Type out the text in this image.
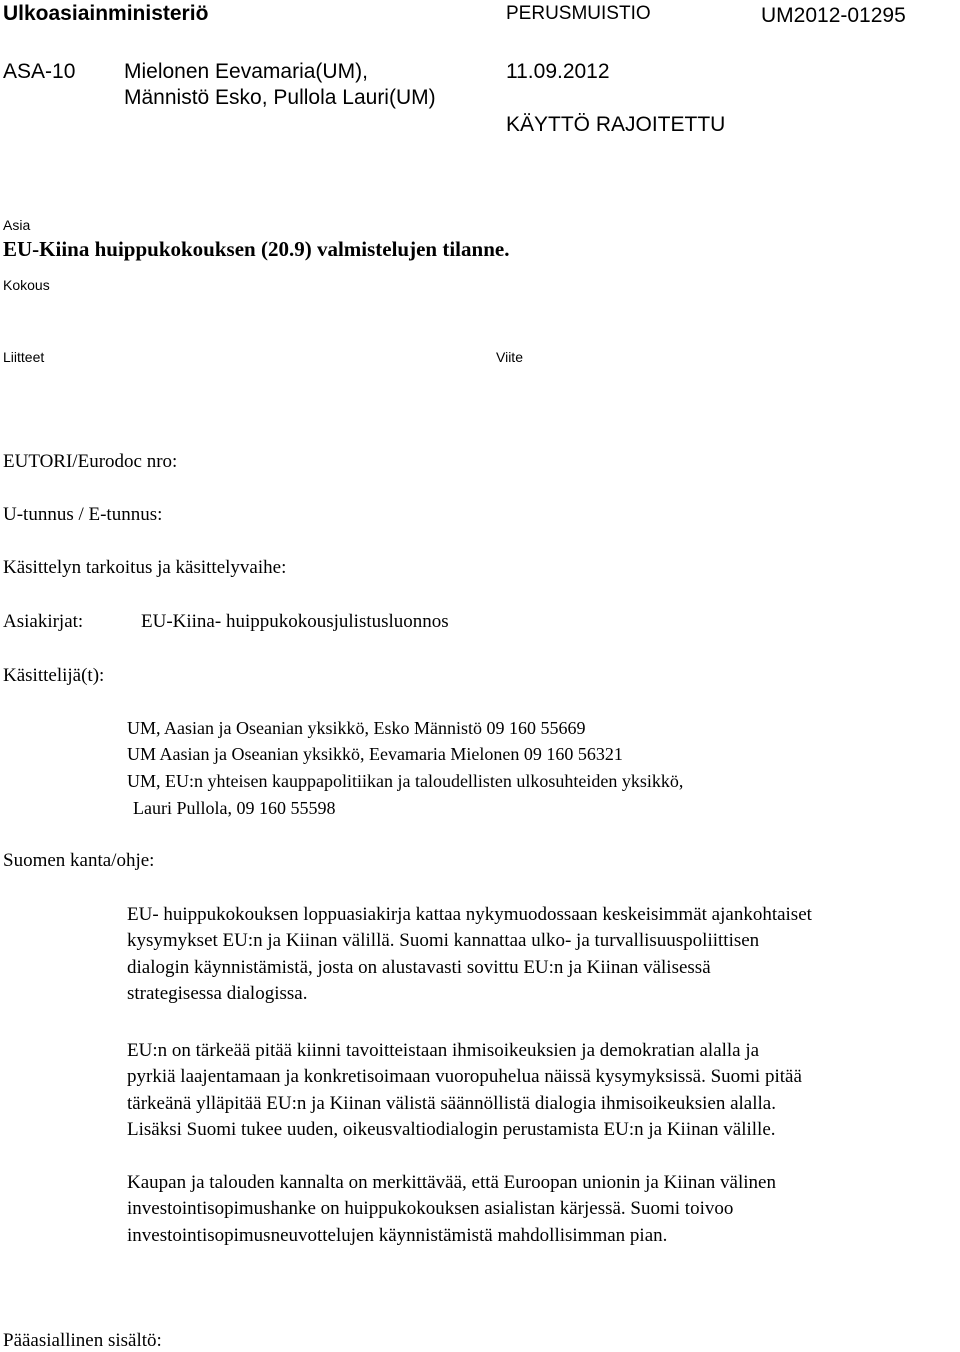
Ulkoasiainministeriö	PERUSMUISTIO	UM2012-01295
ASA-10 Mielonen Eevamaria(UM),
Männistö Esko, Pullola Lauri(UM)
11.09.2012
KÄYTTÖ RAJOITETTU
Asia
EU-Kiina huippukokouksen (20.9) valmistelujen tilanne.
Kokous
Liitteet	Viite
EUTORI/Eurodoc nro:
U-tunnus / E-tunnus:
Käsittelyn tarkoitus ja käsittelyvaihe:
Asiakirjat:	EU-Kiina- huippukokousjulistusluonnos
Käsittelijä(t):
UM, Aasian ja Oseanian yksikkö, Esko Männistö 09 160 55669
UM Aasian ja Oseanian yksikkö, Eevamaria Mielonen 09 160 56321
UM, EU:n yhteisen kauppapolitiikan ja taloudellisten ulkosuhteiden yksikkö,
Lauri Pullola, 09 160 55598
Suomen kanta/ohje:
EU- huippukokouksen loppuasiakirja kattaa nykymuodossaan keskeisimmät ajankohtaiset
kysymykset EU:n ja Kiinan välillä. Suomi kannattaa ulko- ja turvallisuuspoliittisen
dialogin käynnistämistä, josta on alustavasti sovittu EU:n ja Kiinan välisessä
strategisessa dialogissa.
EU:n on tärkeää pitää kiinni tavoitteistaan ihmisoikeuksien ja demokratian alalla ja
pyrkiä laajentamaan ja konkretisoimaan vuoropuhelua näissä kysymyksissä. Suomi pitää
tärkeänä ylläpitää EU:n ja Kiinan välistä säännöllistä dialogia ihmisoikeuksien alalla.
Lisäksi Suomi tukee uuden, oikeusvaltiodialogin perustamista EU:n ja Kiinan välille.
Kaupan ja talouden kannalta on merkittävää, että Euroopan unionin ja Kiinan välinen
investointisopimushanke on huippukokouksen asialistan kärjessä. Suomi toivoo
investointisopimusneuvottelujen käynnistämistä mahdollisimman pian.
Pääasiallinen sisältö:
